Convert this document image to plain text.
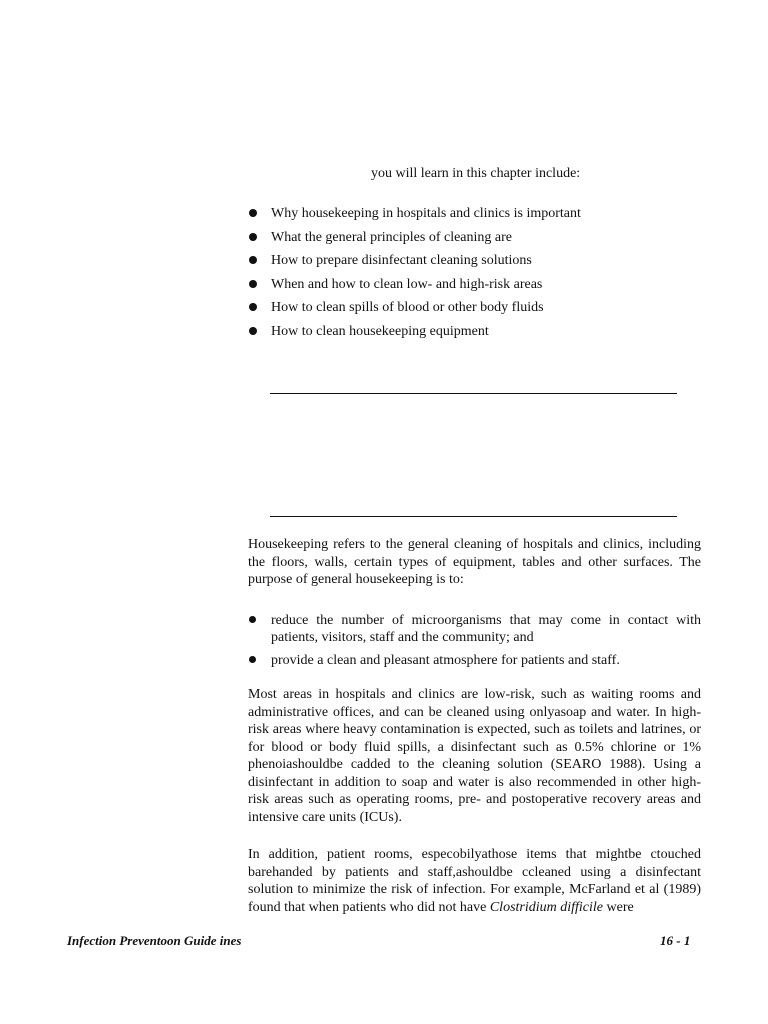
you will learn in this chapter include:
Why housekeeping in hospitals and clinics is important
What the general principles of cleaning are
How to prepare disinfectant cleaning solutions
When and how to clean low- and high-risk areas
How to clean spills of blood or other body fluids
How to clean housekeeping equipment

Housekeeping refers to the general cleaning of hospitals and clinics, including the floors, walls, certain types of equipment, tables and other surfaces. The purpose of general housekeeping is to:

reduce the number of microorganisms that may come in contact with patients, visitors, staff and the community; and
provide a clean and pleasant atmosphere for patients and staff.

Most areas in hospitals and clinics are low-risk, such as waiting rooms and administrative offices, and can be cleaned using onlyasoap and water. In high-risk areas where heavy contamination is expected, such as toilets and latrines, or for blood or body fluid spills, a disinfectant such as 0.5% chlorine or 1% phenoiashouldbe cadded to the cleaning solution (SEARO 1988). Using a disinfectant in addition to soap and water is also recommended in other high-risk areas such as operating rooms, pre- and postoperative recovery areas and intensive care units (ICUs).

In addition, patient rooms, especobilyathose items that mightbe ctouched barehanded by patients and staff,ashouldbe ccleaned using a disinfectant solution to minimize the risk of infection. For example, McFarland et al (1989) found that when patients who did not have Clostridium difficile were

Infection Preventoon Guide ines	16 - 1
